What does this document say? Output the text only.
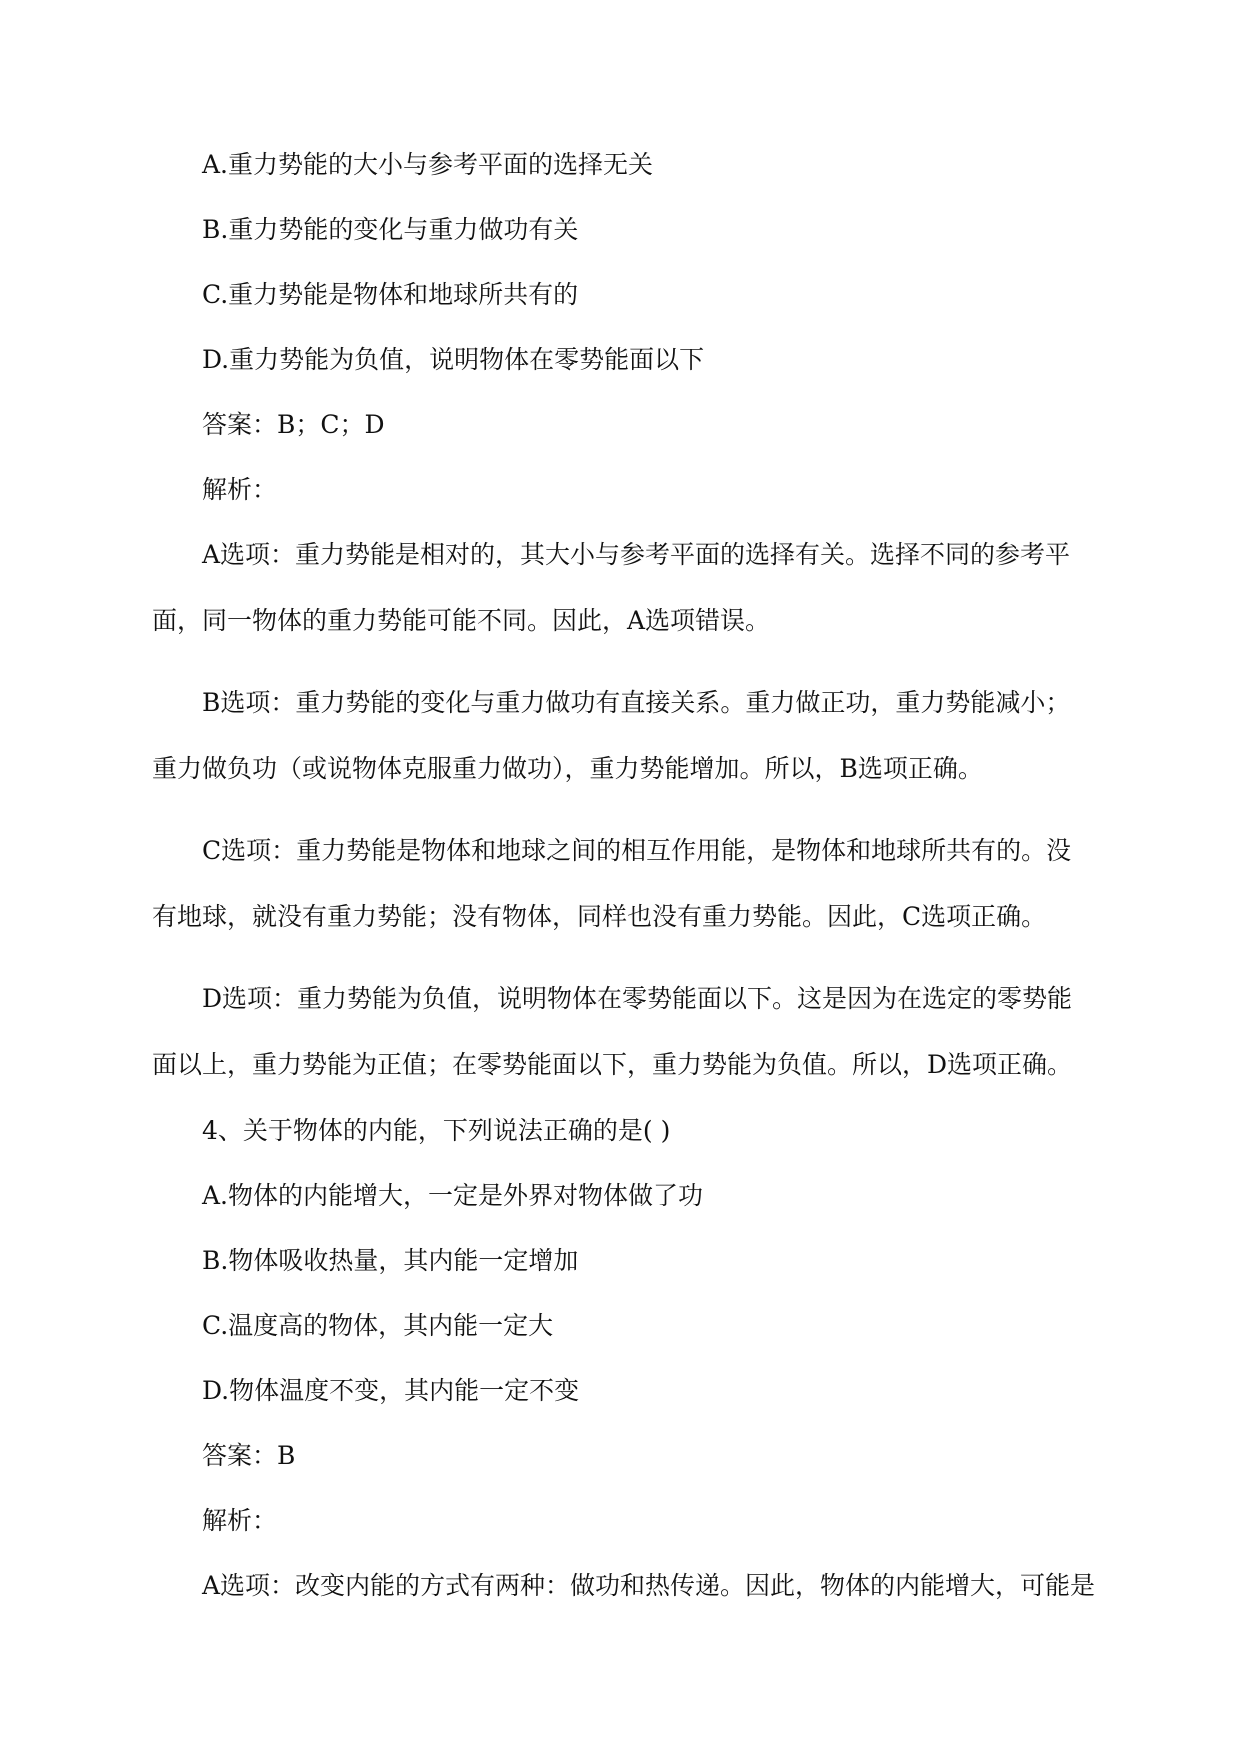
A.重力势能的大小与参考平面的选择无关
B.重力势能的变化与重力做功有关
C.重力势能是物体和地球所共有的
D.重力势能为负值，说明物体在零势能面以下
答案：B；C；D
解析：

A选项：重力势能是相对的，其大小与参考平面的选择有关。选择不同的参考平面，同一物体的重力势能可能不同。因此，A选项错误。

B选项：重力势能的变化与重力做功有直接关系。重力做正功，重力势能减小；重力做负功（或说物体克服重力做功），重力势能增加。所以，B选项正确。

C选项：重力势能是物体和地球之间的相互作用能，是物体和地球所共有的。没有地球，就没有重力势能；没有物体，同样也没有重力势能。因此，C选项正确。

D选项：重力势能为负值，说明物体在零势能面以下。这是因为在选定的零势能面以上，重力势能为正值；在零势能面以下，重力势能为负值。所以，D选项正确。

4、关于物体的内能，下列说法正确的是( )
A.物体的内能增大，一定是外界对物体做了功
B.物体吸收热量，其内能一定增加
C.温度高的物体，其内能一定大
D.物体温度不变，其内能一定不变
答案：B
解析：
A选项：改变内能的方式有两种：做功和热传递。因此，物体的内能增大，可能是
